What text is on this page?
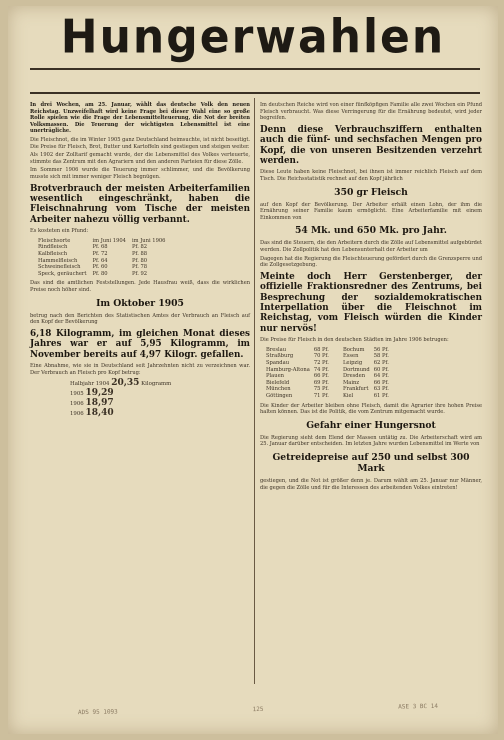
Hungerwahlen

In drei Wochen, am 25. Januar, wählt das deutsche Volk den neuen Reichstag. Unzweifelhaft wird keine Frage bei dieser Wahl eine so große Rolle spielen wie die Frage der Lebensmittelteuerung, die Not der breiten Volksmassen. Die Teuerung der wichtigsten Lebensmittel ist eine unerträgliche.

Die Fleischnot, die im Winter 1905 ganz Deutschland heimsuchte, ist nicht beseitigt. Die Preise für Fleisch, Brot, Butter und Kartoffeln sind gestiegen und steigen weiter.

Als 1902 der Zolltarif gemacht wurde, der die Lebensmittel des Volkes verteuerte, stimmte das Zentrum mit den Agrariern und den anderen Parteien für diese Zölle.

Im Sommer 1906 wurde die Teuerung immer schlimmer, und die Bevölkerung musste sich mit immer weniger Fleisch begnügen.

Brotverbrauch der meisten Arbeiterfamilien wesentlich eingeschränkt, haben die Fleischnahrung vom Tische der meisten Arbeiter nahezu völlig verbannt.

Es kosteten ein Pfund:

Fleischsorte	im Juni 1904	im Juni 1906
Rindfleisch	Pf. 68	Pf. 82
Kalbfleisch	Pf. 72	Pf. 88
Hammelfleisch	Pf. 64	Pf. 80
Schweinefleisch	Pf. 60	Pf. 78
Speck, geräuchert	Pf. 80	Pf. 92

Das sind die amtlichen Feststellungen. Jede Hausfrau weiß, dass die wirklichen Preise noch höher sind.

Im Oktober 1905

betrug nach den Berichten des Statistischen Amtes der Verbrauch an Fleisch auf den Kopf der Bevölkerung

6,18 Kilogramm, im gleichen Monat dieses Jahres war er auf 5,95 Kilogramm, im November bereits auf 4,97 Kilogr. gefallen.

Eine Abnahme, wie sie in Deutschland seit Jahrzehnten nicht zu verzeichnen war. Der Verbrauch an Fleisch pro Kopf betrug:

Halbjahr 1904 20,35 Kilogramm
1905 19,29
1906 18,97
1906 18,40

Im deutschen Reiche wird von einer fünfköpfigen Familie alle zwei Wochen ein Pfund Fleisch verbraucht. Was diese Verringerung für die Ernährung bedeutet, wird jeder begreifen.

Denn diese Verbrauchsziffern enthalten auch die fünf- und sechsfachen Mengen pro Kopf, die von unseren Besitzenden verzehrt werden.

Diese Leute haben keine Fleischnot, bei ihnen ist immer reichlich Fleisch auf dem Tisch. Die Reichsstatistik rechnet auf den Kopf jährlich

350 gr Fleisch

auf den Kopf der Bevölkerung. Der Arbeiter erhält einen Lohn, der ihm die Ernährung seiner Familie kaum ermöglicht. Eine Arbeiterfamilie mit einem Einkommen von

54 Mk. und 650 Mk. pro Jahr.

Das sind die Steuern, die den Arbeitern durch die Zölle auf Lebensmittel aufgebürdet werden. Die Zollpolitik hat den Lebensunterhalt der Arbeiter um

Dagegen hat die Regierung die Fleischteuerung gefördert durch die Grenzsperre und die Zollgesetzgebung.

Meinte doch Herr Gerstenberger, der offizielle Fraktionsredner des Zentrums, bei Besprechung der sozialdemokratischen Interpellation über die Fleischnot im Reichstag, vom Fleisch würden die Kinder nur nervös!

Die Preise für Fleisch in den deutschen Städten im Jahre 1906 betrugen:

Breslau	68 Pf.
Straßburg	70 Pf.
Spandau	72 Pf.
Hamburg-Altona	74 Pf.
Plauen	66 Pf.
Bielefeld	69 Pf.
München	75 Pf.
Göttingen	71 Pf.
Bochum	56 Pf.
Essen	58 Pf.
Leipzig	62 Pf.
Dortmund	60 Pf.
Dresden	64 Pf.
Mainz	66 Pf.
Frankfurt	63 Pf.
Kiel	61 Pf.

Die Kinder der Arbeiter bleiben ohne Fleisch, damit die Agrarier ihre hohen Preise halten können. Das ist die Politik, die vom Zentrum mitgemacht wurde.

Gefahr einer Hungersnot

Die Regierung sieht dem Elend der Massen untätig zu. Die Arbeiterschaft wird am 25. Januar darüber entscheiden. Im letzten Jahre wurden Lebensmittel im Werte von

Getreidepreise auf 250 und selbst 300 Mark

gestiegen, und die Not ist größer denn je. Darum wählt am 25. Januar nur Männer, die gegen die Zölle und für die Interessen des arbeitenden Volkes eintreten!

ADS 95 1093	125	ASE 3 BC 14
